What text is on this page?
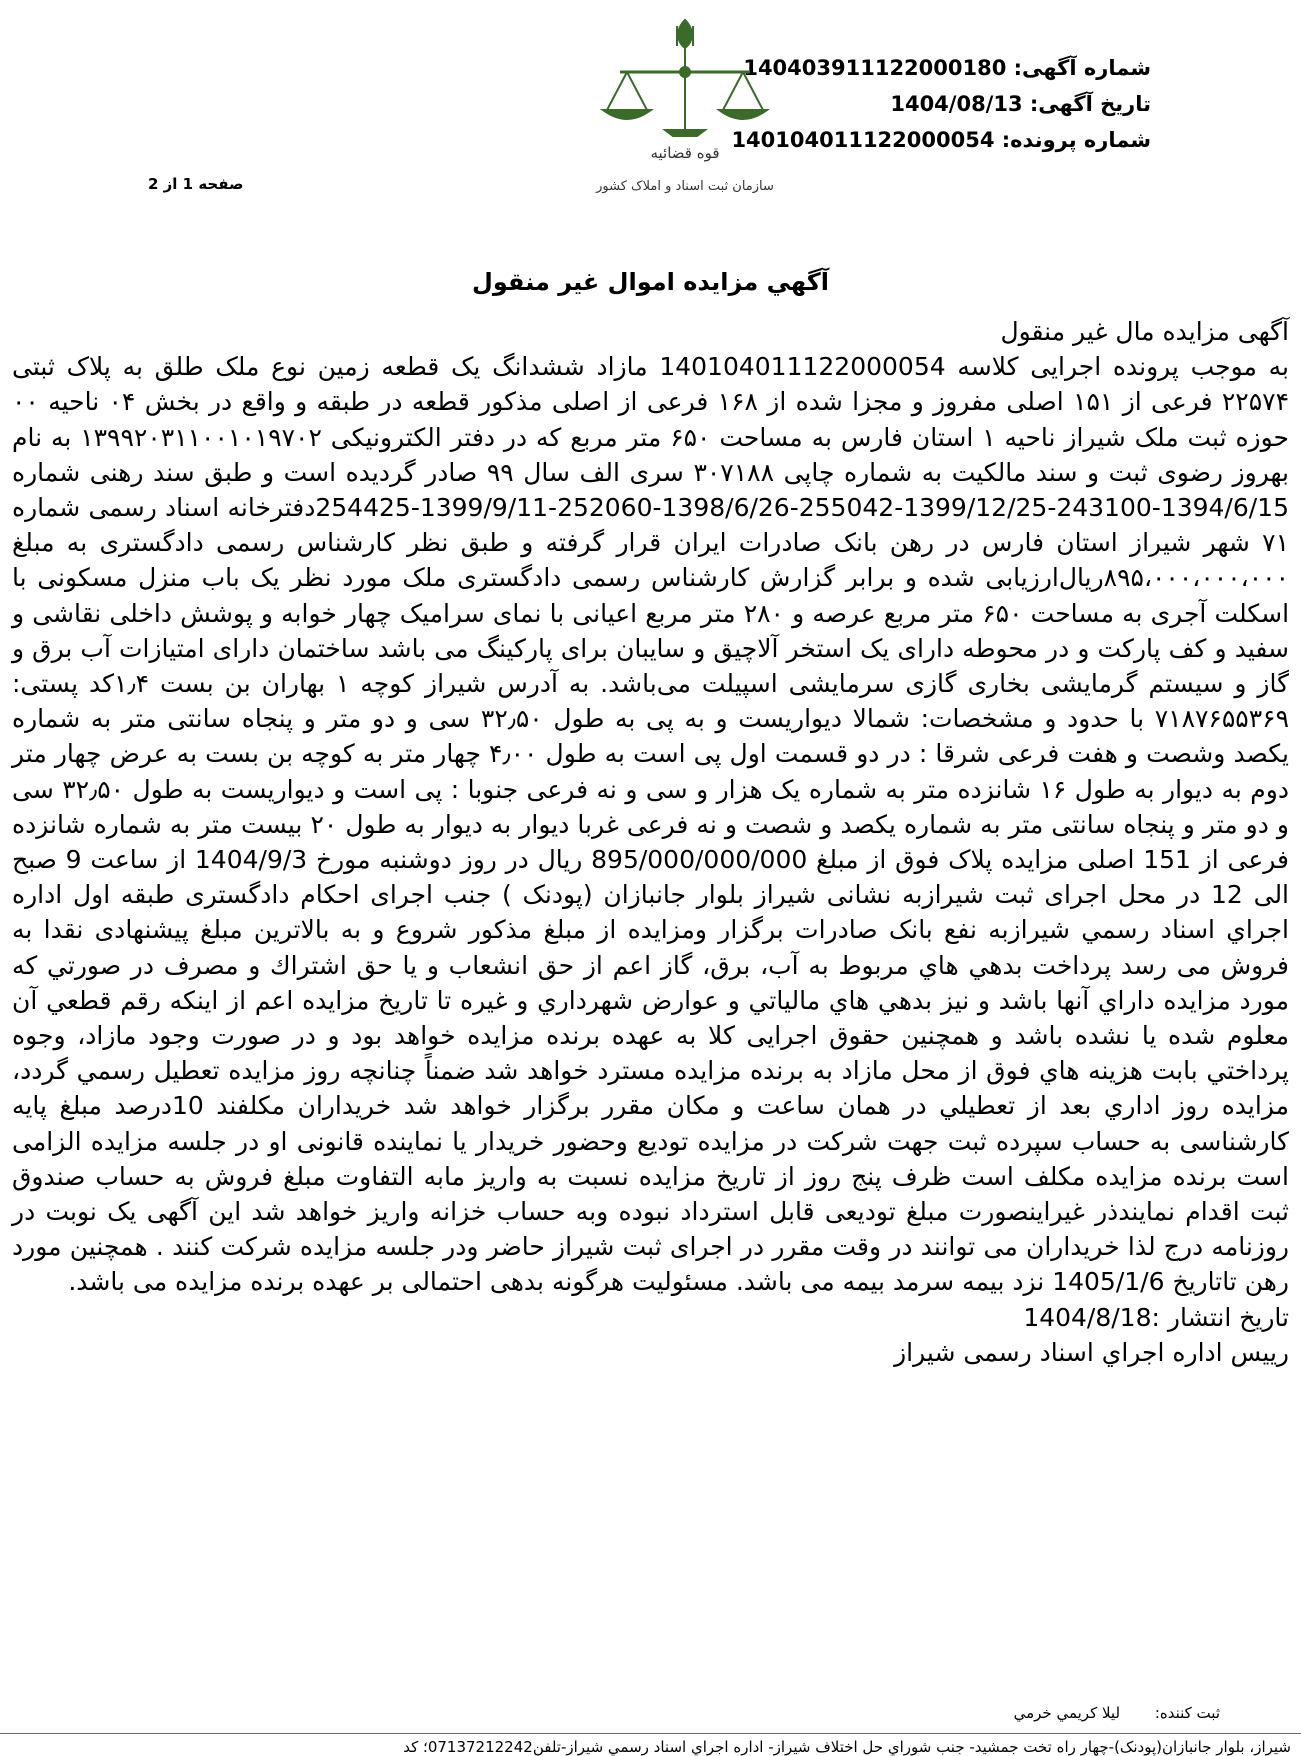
شماره آگهی: 14040391112200018​0
تاریخ آگهی: 1404/08/13
شماره پرونده: 140104011122000054
قوه قضائیه
سازمان ثبت اسناد و املاک کشور
صفحه 1 از 2
آگهي مزايده اموال غير منقول

آگهی مزایده مال غیر منقول

به موجب پرونده اجرایی کلاسه 140104011122000054 مازاد ششدانگ یک قطعه زمین نوع ملک طلق به پلاک ثبتی ۲۲۵۷۴ فرعی از ۱۵۱ اصلی مفروز و مجزا شده از ۱۶۸ فرعی از اصلی مذکور قطعه در طبقه و واقع در بخش ۰۴ ناحیه ۰۰ حوزه ثبت ملک شیراز ناحیه ۱ استان فارس به مساحت ۶۵۰ متر مربع که در دفتر الکترونیکی ۱۳۹۹۲۰۳۱۱۰۰۱۰۱۹۷۰۲ به نام بهروز رضوی ثبت و سند مالکیت به شماره چاپی ۳۰۷۱۸۸ سری الف سال ۹۹ صادر گردیده است و طبق سند رهنی شماره 1394/6/15-243100-1399/12/25-255042-1398/6/26-252060-1399/9/11-254425دفترخانه اسناد رسمی شماره ۷۱ شهر شیراز استان فارس در رهن بانک صادرات ایران قرار گرفته و طبق نظر کارشناس رسمی دادگستری به مبلغ ۸۹۵،۰۰۰،۰۰۰،۰۰۰ریال‌ارزیابی شده و برابر گزارش کارشناس رسمی دادگستری ملک مورد نظر یک باب منزل مسکونی با اسکلت آجری به مساحت ۶۵۰ متر مربع عرصه و ۲۸۰ متر مربع اعیانی با نمای سرامیک چهار خوابه و پوشش داخلی نقاشی و سفید و کف پارکت و در محوطه دارای یک استخر آلاچیق و سایبان برای پارکینگ می باشد ساختمان دارای امتیازات آب برق و گاز و سیستم گرمایشی بخاری گازی سرمایشی اسپیلت می‌باشد. به آدرس شیراز کوچه ۱ بهاران بن بست ۱٫۴کد پستی: ۷۱۸۷۶۵۵۳۶۹ با حدود و مشخصات: شمالا دیواریست و به پی به طول ۳۲٫۵۰ سی و دو متر و پنجاه سانتی متر به شماره یکصد وشصت و هفت فرعی شرقا : در دو قسمت اول پی است به طول ۴٫۰۰ چهار متر به کوچه بن بست به عرض چهار متر دوم به دیوار به طول ۱۶ شانزده متر به شماره یک هزار و سی و نه فرعی جنوبا : پی است و دیواریست به طول ۳۲٫۵۰ سی و دو متر و پنجاه سانتی متر به شماره یکصد و شصت و نه فرعی غربا دیوار به دیوار به طول ۲۰ بیست متر به شماره شانزده فرعی از 151 اصلی مزایده پلاک فوق از مبلغ 895/000/000/000 ریال در روز دوشنبه مورخ 1404/9/3 از ساعت 9 صبح الی 12 در محل اجرای ثبت شیرازبه نشانی شیراز بلوار جانبازان (پودنک ) جنب اجرای احکام دادگستری طبقه اول اداره اجراي اسناد رسمي شیرازبه نفع بانک صادرات برگزار ومزایده از مبلغ مذکور شروع و به بالاترین مبلغ پیشنهادی نقدا به فروش می رسد پرداخت بدهي هاي مربوط به آب، برق، گاز اعم از حق انشعاب و يا حق اشتراك و مصرف در صورتي كه مورد مزايده داراي آنها باشد و نيز بدهي هاي مالياتي و عوارض شهرداري و غيره تا تاريخ مزايده اعم از اينكه رقم قطعي آن معلوم شده يا نشده باشد و همچنين حقوق اجرایی كلا به عهده برنده مزايده خواهد بود و در صورت وجود مازاد، وجوه پرداختي بابت هزينه هاي فوق از محل مازاد به برنده مزايده مسترد خواهد شد ضمناً چنانچه روز مزايده تعطيل رسمي گردد، مزايده روز اداري بعد از تعطيلي در همان ساعت و مكان مقرر برگزار خواهد شد خریداران مکلفند 10درصد مبلغ پایه کارشناسی به حساب سپرده ثبت جهت شرکت در مزایده تودیع وحضور خریدار یا نماینده قانونی او در جلسه مزایده الزامی است برنده مزایده مکلف است ظرف پنج روز از تاریخ مزایده نسبت به واریز مابه التفاوت مبلغ فروش به حساب صندوق ثبت اقدام نمایندذر غیراینصورت مبلغ تودیعی قابل استرداد نبوده وبه حساب خزانه واریز خواهد شد این آگهی یک نوبت در روزنامه درج لذا خریداران می توانند در وقت مقرر در اجرای ثبت شیراز حاضر ودر جلسه مزایده شرکت کنند . همچنین مورد رهن تاتاریخ 1405/1/6 نزد بیمه سرمد بیمه می باشد. مسئولیت هرگونه بدهی احتمالی بر عهده برنده مزایده می باشد.

تاریخ انتشار :1404/8/18

رييس اداره اجراي اسناد رسمی شيراز

ثبت كننده: ليلا كريمي خرمي
شیراز، بلوار جانبازان(پودنک)-چهار راه تخت جمشید- جنب شوراي حل اختلاف شیراز- اداره اجراي اسناد رسمي شیراز-تلفن07137212242؛ كد
